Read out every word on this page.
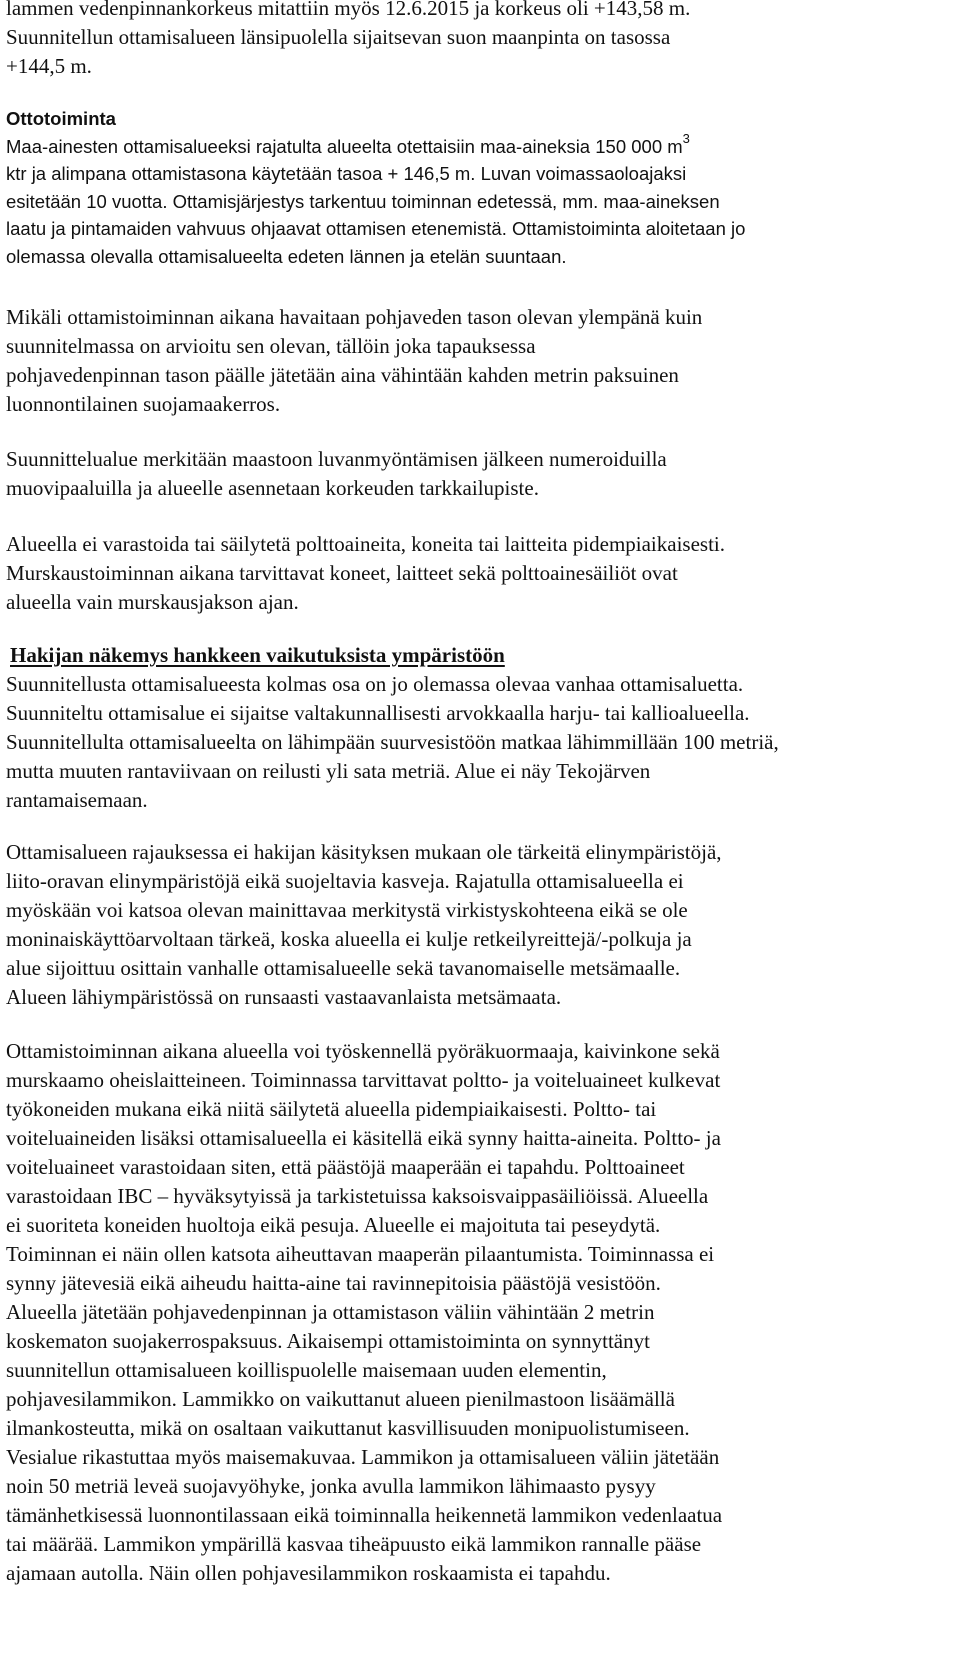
lammen vedenpinnankorkeus mitattiin myös 12.6.2015 ja korkeus oli +143,58 m.
Suunnitellun ottamisalueen länsipuolella sijaitsevan suon maanpinta on tasossa
+144,5 m.
Ottotoiminta
Maa-ainesten ottamisalueeksi rajatulta alueelta otettaisiin maa-aineksia 150 000 $m^3$
ktr ja alimpana ottamistasona käytetään tasoa + 146,5 m. Luvan voimassaoloajaksi
esitetään 10 vuotta. Ottamisjärjestys tarkentuu toiminnan edetessä, mm. maa-aineksen
laatu ja pintamaiden vahvuus ohjaavat ottamisen etenemistä. Ottamistoiminta aloitetaan jo
olemassa olevalla ottamisalueelta edeten lännen ja etelän suuntaan.
Mikäli ottamistoiminnan aikana havaitaan pohjaveden tason olevan ylempänä kuin
suunnitelmassa on arvioitu sen olevan, tällöin joka tapauksessa
pohjavedenpinnan tason päälle jätetään aina vähintään kahden metrin paksuinen
luonnontilainen suojamaakerros.
Suunnittelualue merkitään maastoon luvanmyöntämisen jälkeen numeroiduilla
muovipaaluilla ja alueelle asennetaan korkeuden tarkkailupiste.
Alueella ei varastoida tai säilytetä polttoaineita, koneita tai laitteita pidempiaikaisesti.
Murskaustoiminnan aikana tarvittavat koneet, laitteet sekä polttoainesäiliöt ovat
alueella vain murskausjakson ajan.
Hakijan näkemys hankkeen vaikutuksista ympäristöön
Suunnitellusta ottamisalueesta kolmas osa on jo olemassa olevaa vanhaa ottamisaluetta.
Suunniteltu ottamisalue ei sijaitse valtakunnallisesti arvokkaalla harju- tai kallioalueella.
Suunnitellulta ottamisalueelta on lähimpään suurvesistöön matkaa lähimmillään 100 metriä,
mutta muuten rantaviivaan on reilusti yli sata metriä. Alue ei näy Tekojärven
rantamaisemaan.
Ottamisalueen rajauksessa ei hakijan käsityksen mukaan ole tärkeitä elinympäristöjä,
liito-oravan elinympäristöjä eikä suojeltavia kasveja. Rajatulla ottamisalueella ei
myöskään voi katsoa olevan mainittavaa merkitystä virkistyskohteena eikä se ole
moninaiskäyttöarvoltaan tärkeä, koska alueella ei kulje retkeilyreittejä/-polkuja ja
alue sijoittuu osittain vanhalle ottamisalueelle sekä tavanomaiselle metsämaalle.
Alueen lähiympäristössä on runsaasti vastaavanlaista metsämaata.
Ottamistoiminnan aikana alueella voi työskennellä pyöräkuormaaja, kaivinkone sekä
murskaamo oheislaitteineen. Toiminnassa tarvittavat poltto- ja voiteluaineet kulkevat
työkoneiden mukana eikä niitä säilytetä alueella pidempiaikaisesti. Poltto- tai
voiteluaineiden lisäksi ottamisalueella ei käsitellä eikä synny haitta-aineita. Poltto- ja
voiteluaineet varastoidaan siten, että päästöjä maaperään ei tapahdu. Polttoaineet
varastoidaan IBC – hyväksytyissä ja tarkistetuissa kaksoisvaippasäiliöissä. Alueella
ei suoriteta koneiden huoltoja eikä pesuja. Alueelle ei majoituta tai peseydytä.
Toiminnan ei näin ollen katsota aiheuttavan maaperän pilaantumista. Toiminnassa ei
synny jätevesiä eikä aiheudu haitta-aine tai ravinnepitoisia päästöjä vesistöön.
Alueella jätetään pohjavedenpinnan ja ottamistason väliin vähintään 2 metrin
koskematon suojakerrospaksuus. Aikaisempi ottamistoiminta on synnyttänyt
suunnitellun ottamisalueen koillispuolelle maisemaan uuden elementin,
pohjavesilammikon. Lammikko on vaikuttanut alueen pienilmastoon lisäämällä
ilmankosteutta, mikä on osaltaan vaikuttanut kasvillisuuden monipuolistumiseen.
Vesialue rikastuttaa myös maisemakuvaa. Lammikon ja ottamisalueen väliin jätetään
noin 50 metriä leveä suojavyöhyke, jonka avulla lammikon lähimaasto pysyy
tämänhetkisessä luonnontilassaan eikä toiminnalla heikennetä lammikon vedenlaatua
tai määrää. Lammikon ympärillä kasvaa tiheäpuusto eikä lammikon rannalle pääse
ajamaan autolla. Näin ollen pohjavesilammikon roskaamista ei tapahdu.
